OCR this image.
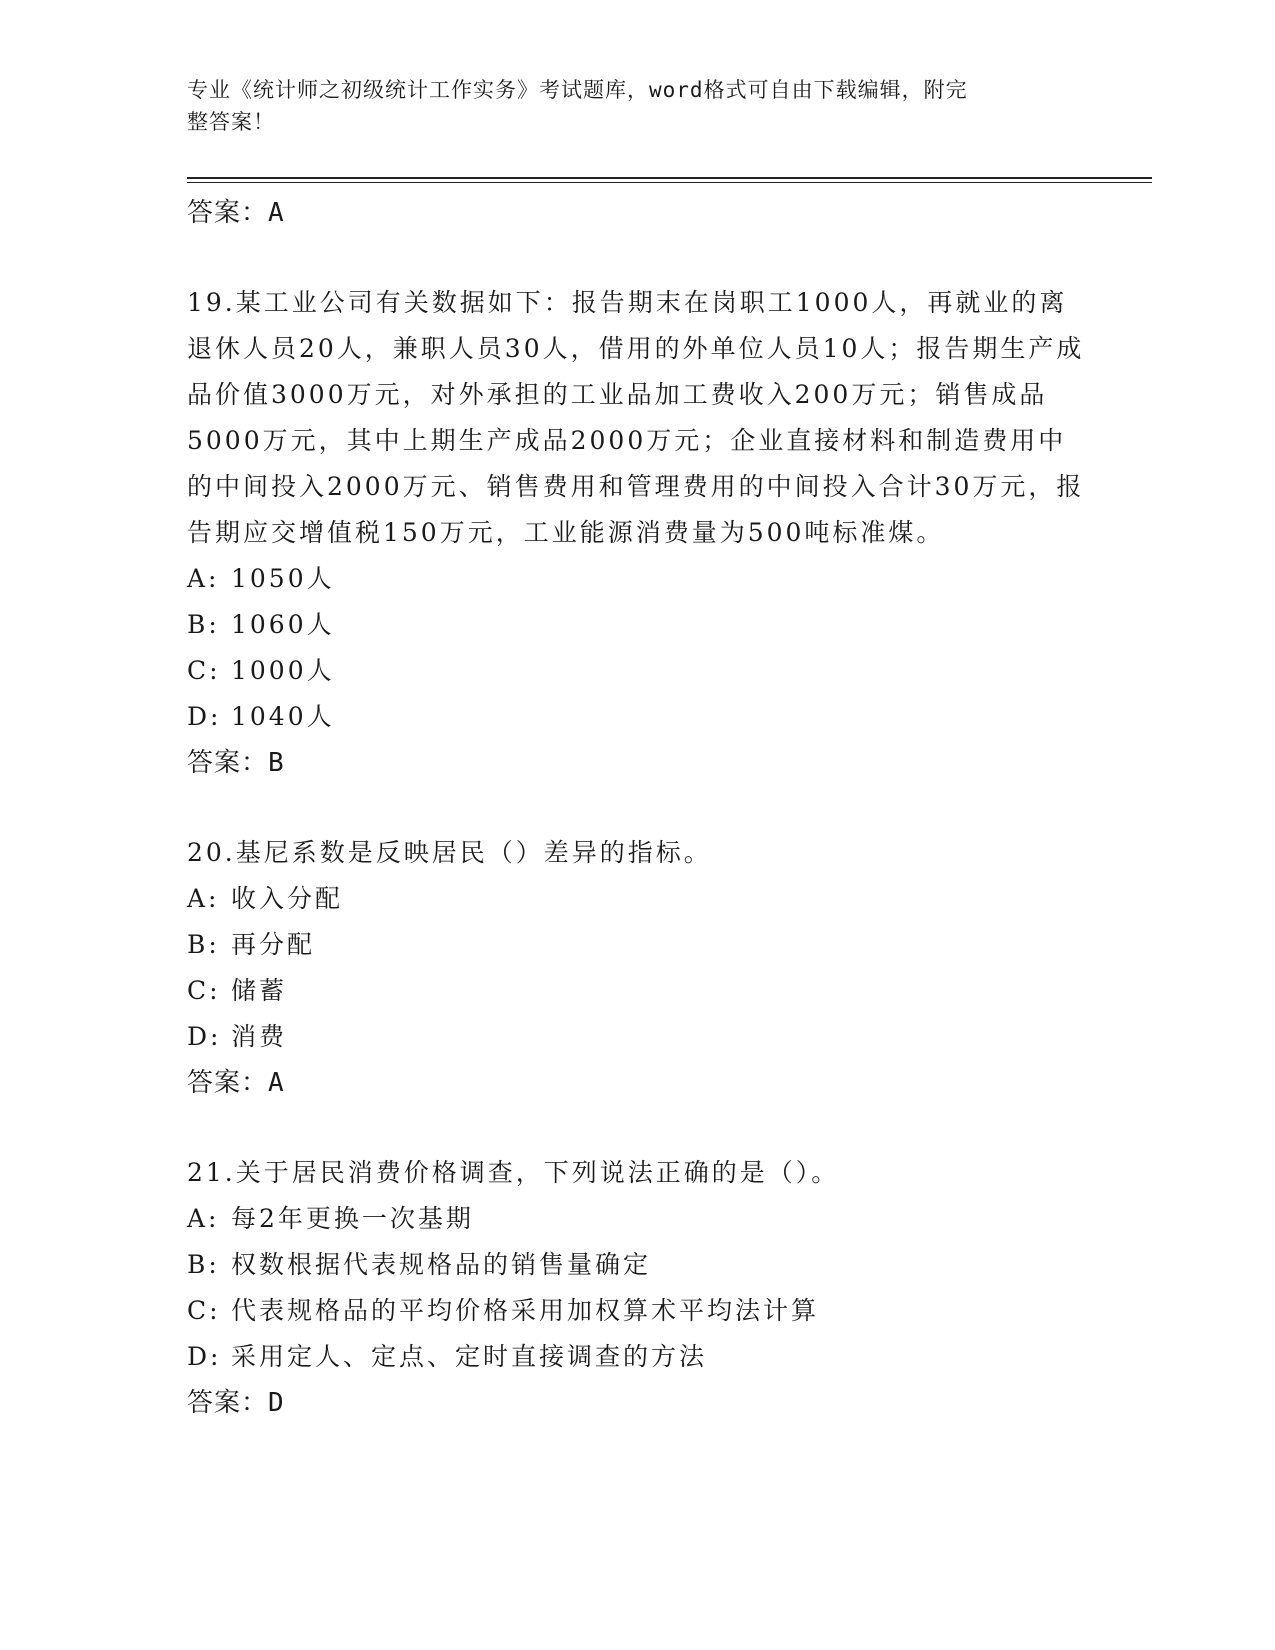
专业《统计师之初级统计工作实务》考试题库，word格式可自由下载编辑，附完
整答案！
答案：A

19.某工业公司有关数据如下：报告期末在岗职工1000人，再就业的离退休人员20人，兼职人员30人，借用的外单位人员10人；报告期生产成品价值3000万元，对外承担的工业品加工费收入200万元；销售成品5000万元，其中上期生产成品2000万元；企业直接材料和制造费用中的中间投入2000万元、销售费用和管理费用的中间投入合计30万元，报告期应交增值税150万元，工业能源消费量为500吨标准煤。

A: 1050人
B: 1060人
C: 1000人
D: 1040人
答案：B

20.基尼系数是反映居民（）差异的指标。

A: 收入分配
B: 再分配
C: 储蓄
D: 消费
答案：A

21.关于居民消费价格调查，下列说法正确的是（）。

A: 每2年更换一次基期
B: 权数根据代表规格品的销售量确定
C: 代表规格品的平均价格采用加权算术平均法计算
D: 采用定人、定点、定时直接调查的方法
答案：D
